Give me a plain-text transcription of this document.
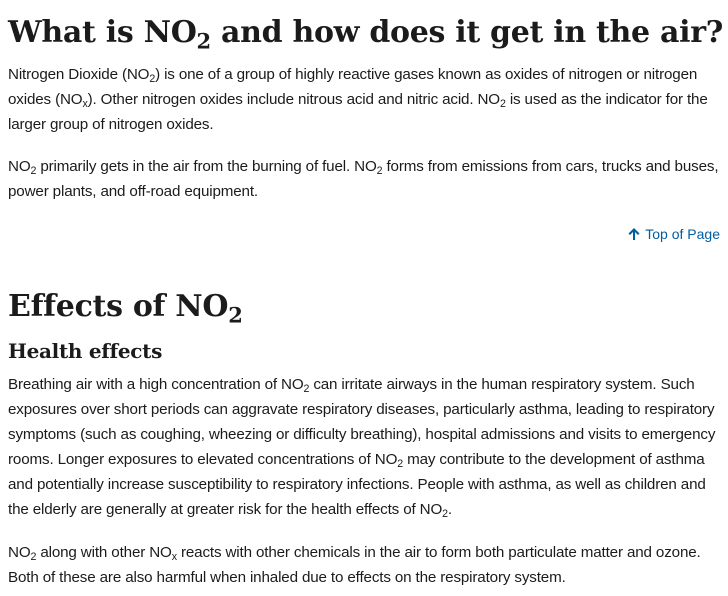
What is $NO_2$ and how does it get in the air?

Nitrogen Dioxide $(NO_2)$ is one of a group of highly reactive gases known as oxides of nitrogen or nitrogen oxides $(NO_x)$. Other nitrogen oxides include nitrous acid and nitric acid. $NO_2$ is used as the indicator for the larger group of nitrogen oxides.

$NO_2$ primarily gets in the air from the burning of fuel. $NO_2$ forms from emissions from cars, trucks and buses, power plants, and off-road equipment.

Top of Page
Effects of $NO_2$
Health effects

Breathing air with a high concentration of $NO_2$ can irritate airways in the human respiratory system. Such exposures over short periods can aggravate respiratory diseases, particularly asthma, leading to respiratory symptoms (such as coughing, wheezing or difficulty breathing), hospital admissions and visits to emergency rooms. Longer exposures to elevated concentrations of $NO_2$ may contribute to the development of asthma and potentially increase susceptibility to respiratory infections. People with asthma, as well as children and the elderly are generally at greater risk for the health effects of $NO_2$.

$NO_2$ along with other $NO_x$ reacts with other chemicals in the air to form both particulate matter and ozone. Both of these are also harmful when inhaled due to effects on the respiratory system.
